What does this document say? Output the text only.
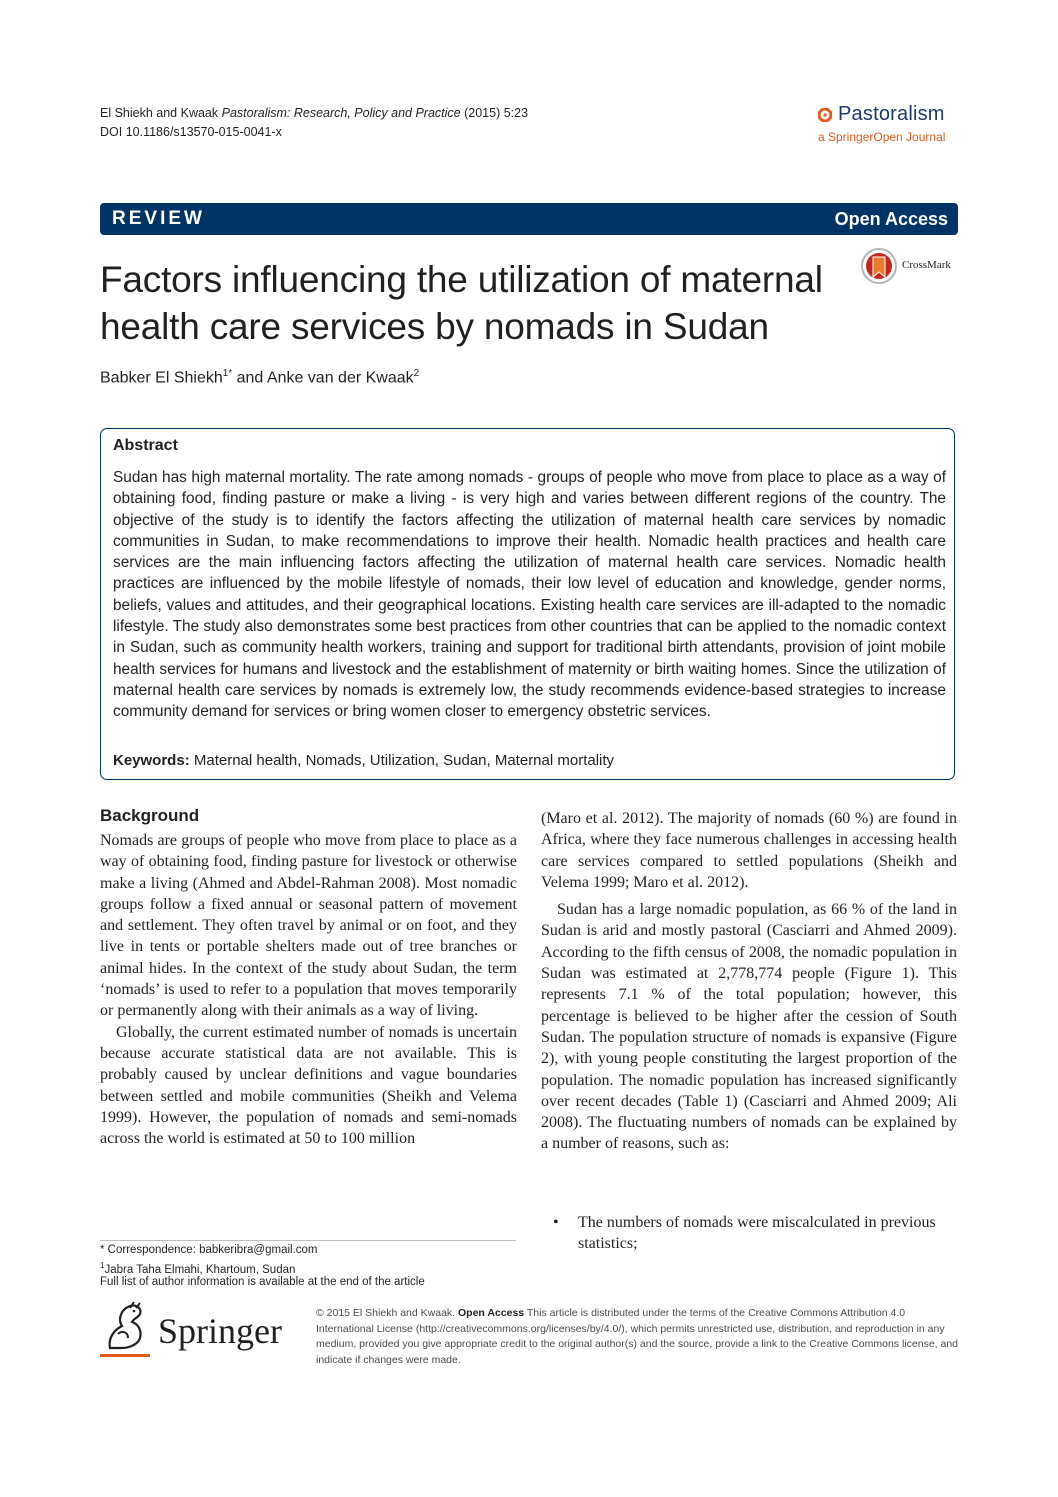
El Shiekh and Kwaak Pastoralism: Research, Policy and Practice (2015) 5:23
DOI 10.1186/s13570-015-0041-x
Pastoralism
a SpringerOpen Journal
REVIEW	Open Access
Factors influencing the utilization of maternal health care services by nomads in Sudan
CrossMark
Babker El Shiekh$^{1*}$ and Anke van der Kwaak$^2$
Abstract
Sudan has high maternal mortality. The rate among nomads - groups of people who move from place to place as a way of obtaining food, finding pasture or make a living - is very high and varies between different regions of the country. The objective of the study is to identify the factors affecting the utilization of maternal health care services by nomadic communities in Sudan, to make recommendations to improve their health. Nomadic health practices and health care services are the main influencing factors affecting the utilization of maternal health care services. Nomadic health practices are influenced by the mobile lifestyle of nomads, their low level of education and knowledge, gender norms, beliefs, values and attitudes, and their geographical locations. Existing health care services are ill-adapted to the nomadic lifestyle. The study also demonstrates some best practices from other countries that can be applied to the nomadic context in Sudan, such as community health workers, training and support for traditional birth attendants, provision of joint mobile health services for humans and livestock and the establishment of maternity or birth waiting homes. Since the utilization of maternal health care services by nomads is extremely low, the study recommends evidence-based strategies to increase community demand for services or bring women closer to emergency obstetric services.
Keywords: Maternal health, Nomads, Utilization, Sudan, Maternal mortality
Background

Nomads are groups of people who move from place to place as a way of obtaining food, finding pasture for livestock or otherwise make a living (Ahmed and Abdel-Rahman 2008). Most nomadic groups follow a fixed annual or seasonal pattern of movement and settlement. They often travel by animal or on foot, and they live in tents or portable shelters made out of tree branches or animal hides. In the context of the study about Sudan, the term ‘nomads’ is used to refer to a population that moves temporarily or permanently along with their animals as a way of living.

Globally, the current estimated number of nomads is uncertain because accurate statistical data are not available. This is probably caused by unclear definitions and vague boundaries between settled and mobile communities (Sheikh and Velema 1999). However, the population of nomads and semi-nomads across the world is estimated at 50 to 100 million

(Maro et al. 2012). The majority of nomads (60 %) are found in Africa, where they face numerous challenges in accessing health care services compared to settled populations (Sheikh and Velema 1999; Maro et al. 2012).

Sudan has a large nomadic population, as 66 % of the land in Sudan is arid and mostly pastoral (Casciarri and Ahmed 2009). According to the fifth census of 2008, the nomadic population in Sudan was estimated at 2,778,774 people (Figure 1). This represents 7.1 % of the total population; however, this percentage is believed to be higher after the cession of South Sudan. The population structure of nomads is expansive (Figure 2), with young people constituting the largest proportion of the population. The nomadic population has increased significantly over recent decades (Table 1) (Casciarri and Ahmed 2009; Ali 2008). The fluctuating numbers of nomads can be explained by a number of reasons, such as:

• The numbers of nomads were miscalculated in previous statistics;
* Correspondence: babkeribra@gmail.com
$^1$Jabra Taha Elmahi, Khartoum, Sudan
Full list of author information is available at the end of the article
Springer	© 2015 El Shiekh and Kwaak. Open Access This article is distributed under the terms of the Creative Commons Attribution 4.0 International License (http://creativecommons.org/licenses/by/4.0/), which permits unrestricted use, distribution, and reproduction in any medium, provided you give appropriate credit to the original author(s) and the source, provide a link to the Creative Commons license, and indicate if changes were made.
